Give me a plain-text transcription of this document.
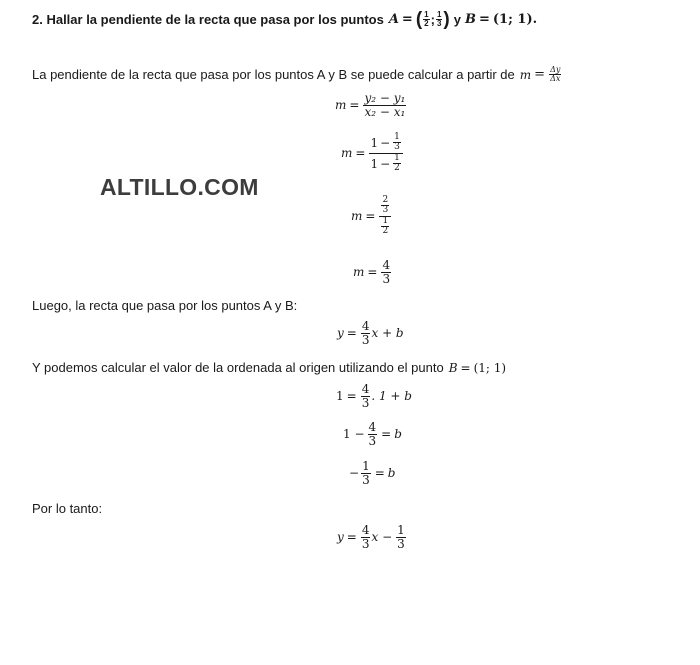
2. Hallar la pendiente de la recta que pasa por los puntos A = ( $\frac{1}{2}$ ; $\frac{1}{3}$ ) y B = (1; 1).
La pendiente de la recta que pasa por los puntos A y B se puede calcular a partir de $m = \frac{\Delta y}{\Delta x}$
$m = \frac{\text{y₂ − y₁}}{\text{x₂ − x₁}}$
$m = \frac{1 - \frac{1}{3}}{1 - \frac{1}{2}}$
ALTILLO.COM
$m = \frac{\frac{2}{3}}{\frac{1}{2}}$
$m = \frac{4}{3}$
Luego, la recta que pasa por los puntos A y B:
$y = \frac{4}{3}$ x + b
Y podemos calcular el valor de la ordenada al origen utilizando el punto B = (1; 1)
$1 = \frac{4}{3}$ . 1 + b
$1 - \frac{4}{3} = b$
− $\frac{1}{3} = b$
Por lo tanto:
$y = \frac{4}{3}$ $x - \frac{1}{3}$
